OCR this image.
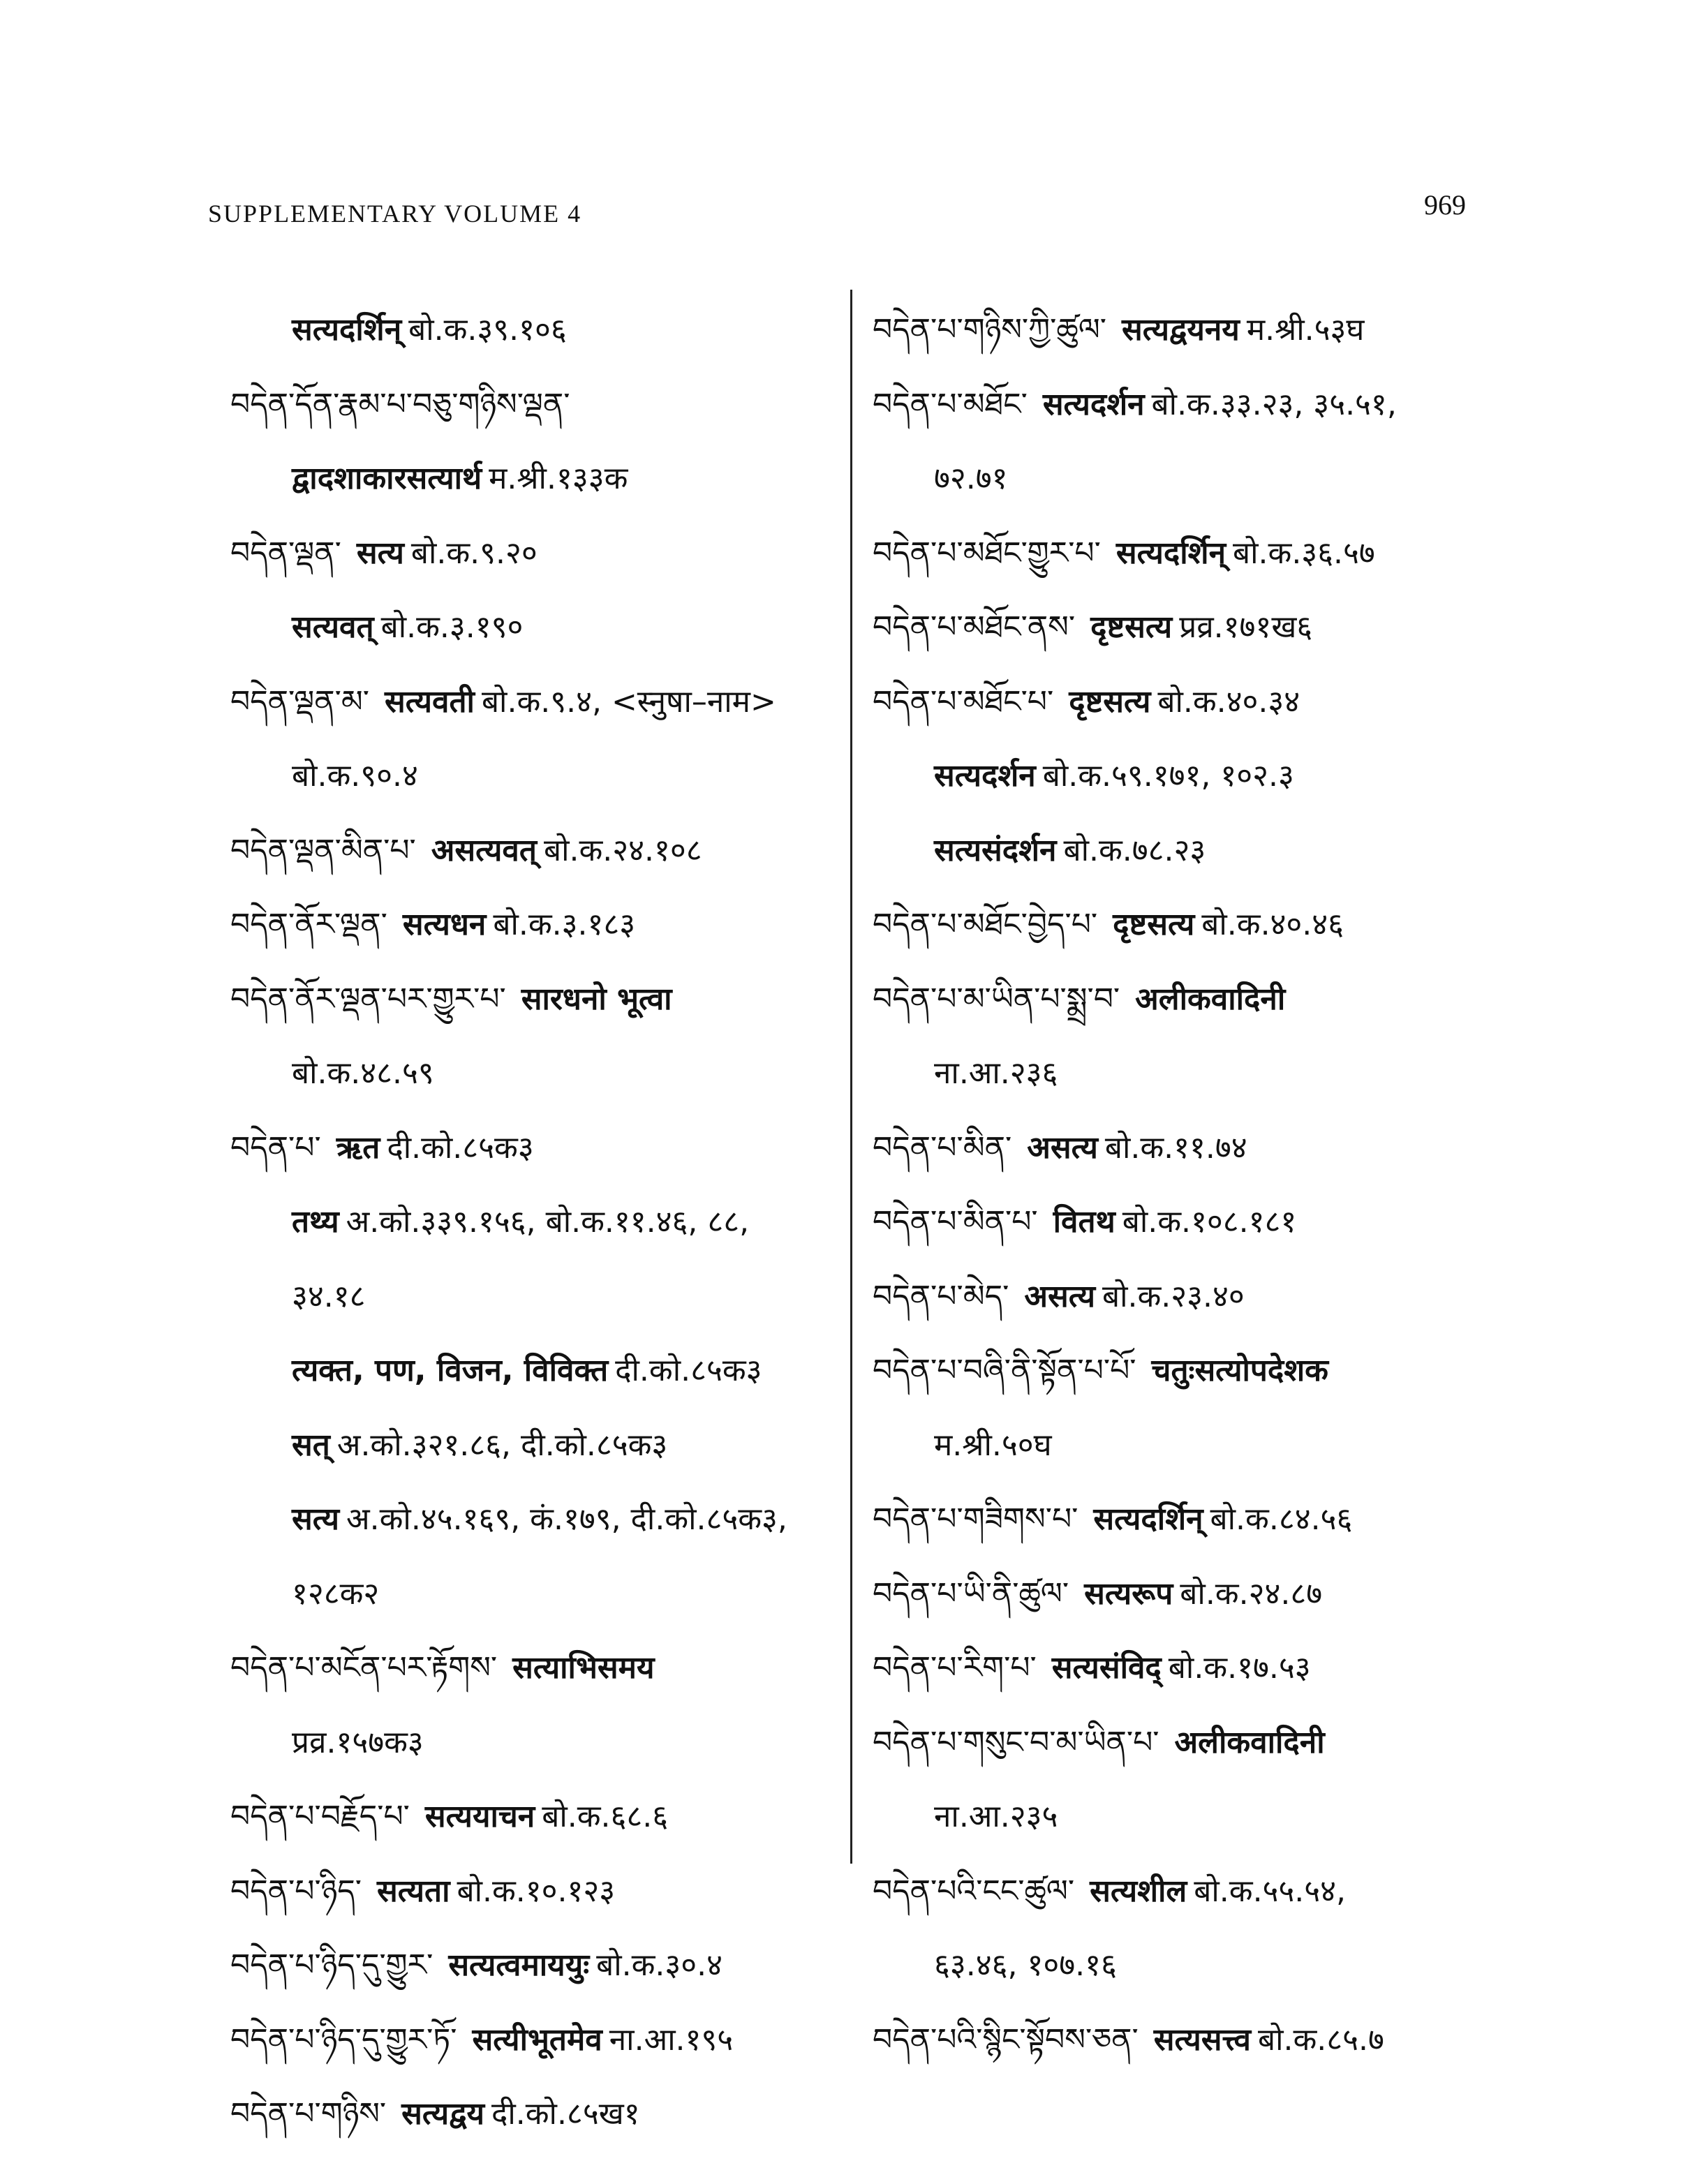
SUPPLEMENTARY VOLUME 4	969
सत्यदर्शिन् बो.क.३९.१०६
བདེན་དོན་རྣམ་པ་བཅུ་གཉིས་ལྡན་
द्वादशाकारसत्यार्थ म.श्री.१३३क
བདེན་ལྡན་ सत्य बो.क.९.२०
सत्यवत् बो.क.३.१९०
བདེན་ལྡན་མ་ सत्यवती बो.क.९.४, <स्नुषा–नाम>
बो.क.९०.४
བདེན་ལྡན་མིན་པ་ असत्यवत् बो.क.२४.१०८
བདེན་ནོར་ལྡན་ सत्यधन बो.क.३.१८३
བདེན་ནོར་ལྡན་པར་གྱུར་པ་ सारधनो भूत्वा
बो.क.४८.५९
བདེན་པ་ ऋत दी.को.८५क३
तथ्य अ.को.३३९.१५६, बो.क.११.४६, ८८,
३४.१८
त्यक्त, पण, विजन, विविक्त दी.को.८५क३
सत् अ.को.३२१.८६, दी.को.८५क३
सत्य अ.को.४५.१६९, कं.१७९, दी.को.८५क३,
१२८क२
བདེན་པ་མངོན་པར་རྟོགས་ सत्याभिसमय
प्रव्र.१५७क३
བདེན་པ་བརྗོད་པ་ सत्ययाचन बो.क.६८.६
བདེན་པ་ཉིད་ सत्यता बो.क.१०.१२३
བདེན་པ་ཉིད་དུ་གྱུར་ सत्यत्वमाययुः बो.क.३०.४
བདེན་པ་ཉིད་དུ་གྱུར་ཏོ་ सत्यीभूतमेव ना.आ.१९५
བདེན་པ་གཉིས་ सत्यद्वय दी.को.८५ख१
བདེན་པ་གཉིས་ཀྱི་ཚུལ་ सत्यद्वयनय म.श्री.५३घ
བདེན་པ་མཐོང་ सत्यदर्शन बो.क.३३.२३, ३५.५१,
७२.७१
བདེན་པ་མཐོང་གྱུར་པ་ सत्यदर्शिन् बो.क.३६.५७
བདེན་པ་མཐོང་ནས་ दृष्टसत्य प्रव्र.१७१ख६
བདེན་པ་མཐོང་པ་ दृष्टसत्य बो.क.४०.३४
सत्यदर्शन बो.क.५९.१७१, १०२.३
सत्यसंदर्शन बो.क.७८.२३
བདེན་པ་མཐོང་བྱེད་པ་ दृष्टसत्य बो.क.४०.४६
བདེན་པ་མ་ཡིན་པ་སྨྲ་བ་ अलीकवादिनी
ना.आ.२३६
བདེན་པ་མིན་ असत्य बो.क.११.७४
བདེན་པ་མིན་པ་ वितथ बो.क.१०८.१८१
བདེན་པ་མེད་ असत्य बो.क.२३.४०
བདེན་པ་བཞི་ནི་སྟོན་པ་པོ་ चतुःसत्योपदेशक
म.श्री.५०घ
བདེན་པ་གཟིགས་པ་ सत्यदर्शिन् बो.क.८४.५६
བདེན་པ་ཡི་ནི་ཚུལ་ सत्यरूप बो.क.२४.८७
བདེན་པ་རིག་པ་ सत्यसंविद् बो.क.१७.५३
བདེན་པ་གསུང་བ་མ་ཡིན་པ་ अलीकवादिनी
ना.आ.२३५
བདེན་པའི་ངང་ཚུལ་ सत्यशील बो.क.५५.५४,
६३.४६, १०७.१६
བདེན་པའི་སྙིང་སྟོབས་ཅན་ सत्यसत्त्व बो.क.८५.७
